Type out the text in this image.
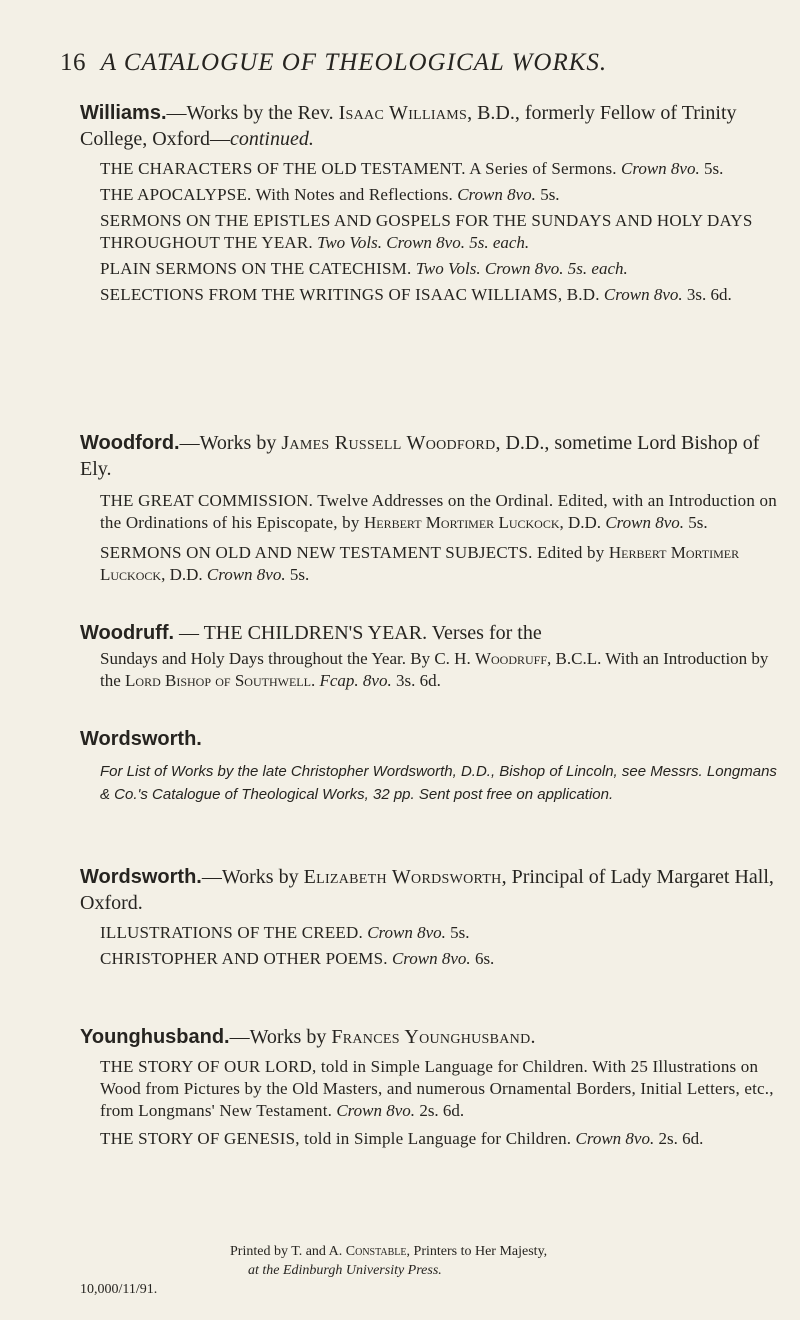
16 A CATALOGUE OF THEOLOGICAL WORKS.

Williams.—Works by the Rev. Isaac Williams, B.D., formerly Fellow of Trinity College, Oxford—continued.

THE CHARACTERS OF THE OLD TESTAMENT. A Series of Sermons. Crown 8vo. 5s.
THE APOCALYPSE. With Notes and Reflections. Crown 8vo. 5s.
SERMONS ON THE EPISTLES AND GOSPELS FOR THE SUNDAYS AND HOLY DAYS THROUGHOUT THE YEAR. Two Vols. Crown 8vo. 5s. each.
PLAIN SERMONS ON THE CATECHISM. Two Vols. Crown 8vo. 5s. each.
SELECTIONS FROM THE WRITINGS OF ISAAC WILLIAMS, B.D. Crown 8vo. 3s. 6d.

Woodford.—Works by James Russell Woodford, D.D., sometime Lord Bishop of Ely.

THE GREAT COMMISSION. Twelve Addresses on the Ordinal. Edited, with an Introduction on the Ordinations of his Episcopate, by Herbert Mortimer Luckock, D.D. Crown 8vo. 5s.
SERMONS ON OLD AND NEW TESTAMENT SUBJECTS. Edited by Herbert Mortimer Luckock, D.D. Crown 8vo. 5s.

Woodruff. — THE CHILDREN'S YEAR. Verses for the

Sundays and Holy Days throughout the Year. By C. H. Woodruff, B.C.L. With an Introduction by the Lord Bishop of Southwell. Fcap. 8vo. 3s. 6d.

Wordsworth.

For List of Works by the late Christopher Wordsworth, D.D., Bishop of Lincoln, see Messrs. Longmans & Co.'s Catalogue of Theological Works, 32 pp. Sent post free on application.

Wordsworth.—Works by Elizabeth Wordsworth, Principal of Lady Margaret Hall, Oxford.

ILLUSTRATIONS OF THE CREED. Crown 8vo. 5s.
CHRISTOPHER AND OTHER POEMS. Crown 8vo. 6s.

Younghusband.—Works by Frances Younghusband.

THE STORY OF OUR LORD, told in Simple Language for Children. With 25 Illustrations on Wood from Pictures by the Old Masters, and numerous Ornamental Borders, Initial Letters, etc., from Longmans' New Testament. Crown 8vo. 2s. 6d.
THE STORY OF GENESIS, told in Simple Language for Children. Crown 8vo. 2s. 6d.
Printed by T. and A. Constable, Printers to Her Majesty,
at the Edinburgh University Press.
10,000/11/91.
